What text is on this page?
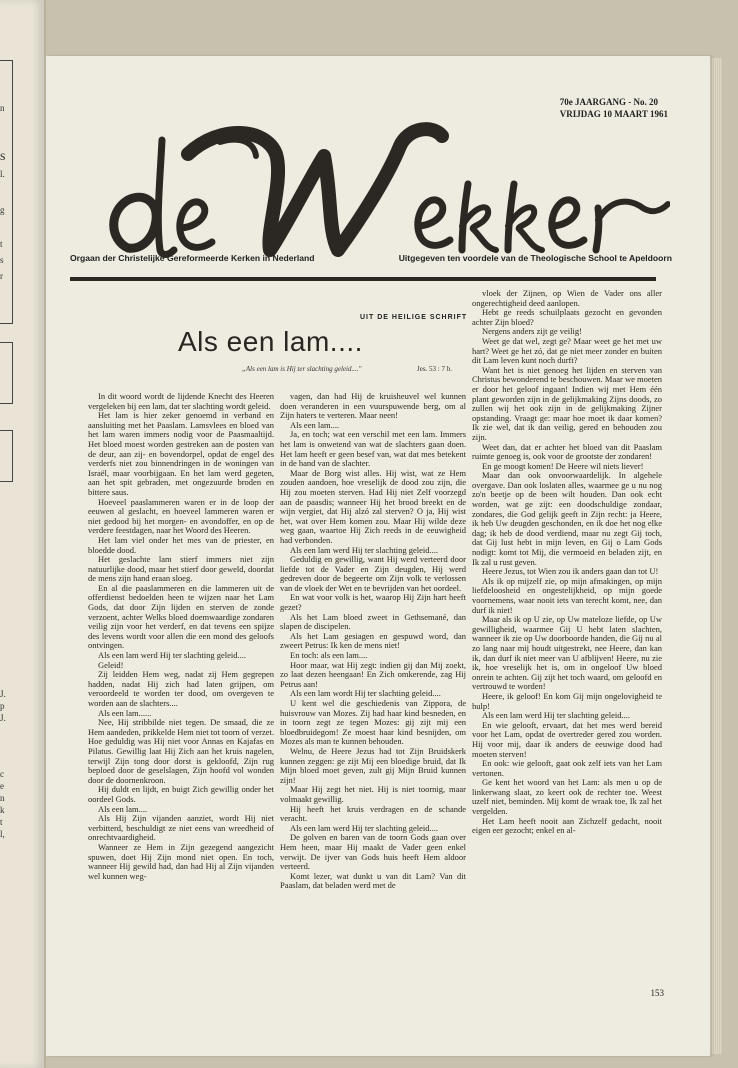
n
s
l.
g
t
s
r
J.
p
J.
c
e
n
k
t
l,
70e JAARGANG - No. 20
VRIJDAG 10 MAART 1961
Orgaan der Christelijke Gereformeerde Kerken in Nederland	Uitgegeven ten voordele van de Theologische School te Apeldoorn
UIT DE HEILIGE SCHRIFT
Als een lam....
„Als een lam is Hij ter slachting geleid...."	Jes. 53 : 7 b.

In dit woord wordt de lijdende Knecht des Heeren vergeleken bij een lam, dat ter slachting wordt geleid.

Het lam is hier zeker genoemd in verband en aansluiting met het Paaslam. Lamsvlees en bloed van het lam waren immers nodig voor de Paasmaaltijd. Het bloed moest worden gestreken aan de posten van de deur, aan zij- en bovendorpel, opdat de engel des verderfs niet zou binnendringen in de woningen van Israël, maar voorbijgaan. En het lam werd gegeten, aan het spit gebraden, met ongezuurde broden en bittere saus.

Hoeveel paaslammeren waren er in de loop der eeuwen al geslacht, en hoeveel lammeren waren er niet gedood bij het morgen- en avondoffer, en op de verdere feestdagen, naar het Woord des Heeren.

Het lam viel onder het mes van de priester, en bloedde dood.

Het geslachte lam stierf immers niet zijn natuurlijke dood, maar het stierf door geweld, doordat de mens zijn hand eraan sloeg.

En al die paaslammeren en die lammeren uit de offerdienst bedoelden heen te wijzen naar het Lam Gods, dat door Zijn lijden en sterven de zonde verzoent, achter Welks bloed doemwaardige zondaren veilig zijn voor het verderf, en dat tevens een spijze des levens wordt voor allen die een mond des geloofs ontvingen.

Als een lam werd Hij ter slachting geleid....

Geleid!

Zij leidden Hem weg, nadat zij Hem gegrepen hadden, nadat Hij zich had laten grijpen, om veroordeeld te worden ter dood, om overgeven te worden aan de slachters....

Als een lam......

Nee, Hij stribbilde niet tegen. De smaad, die ze Hem aandeden, prikkelde Hem niet tot toorn of verzet. Hoe geduldig was Hij niet voor Annas en Kajafas en Pilatus. Gewillig laat Hij Zich aan het kruis nagelen, terwijl Zijn tong door dorst is gekloofd, Zijn rug beploed door de geselslagen, Zijn hoofd vol wonden door de doornenkroon.

Hij duldt en lijdt, en buigt Zich gewillig onder het oordeel Gods.

Als een lam....

Als Hij Zijn vijanden aanziet, wordt Hij niet verbitterd, beschuldigt ze niet eens van wreedheid of onrechtvaardigheid.

Wanneer ze Hem in Zijn gezegend aangezicht spuwen, doet Hij Zijn mond niet open. En toch, wanneer Hij gewild had, dan had Hij al Zijn vijanden wel kunnen weg-

vagen, dan had Hij de kruisheuvel wel kunnen doen veranderen in een vuurspuwende berg, om al Zijn haters te verteren. Maar neen!

Als een lam....

Ja, en toch; wat een verschil met een lam. Immers het lam is onwetend van wat de slachters gaan doen. Het lam heeft er geen besef van, wat dat mes betekent in de hand van de slachter.

Maar de Borg wist alles. Hij wist, wat ze Hem zouden aandoen, hoe vreselijk de dood zou zijn, die Hij zou moeten sterven. Had Hij niet Zelf voorzegd aan de paasdis; wanneer Hij het brood breekt en de wijn vergiet, dat Hij alzó zal sterven? O ja, Hij wist het, wat over Hem komen zou. Maar Hij wilde deze weg gaan, waartoe Hij Zich reeds in de eeuwigheid had verbonden.

Als een lam werd Hij ter slachting geleid....

Geduldig en gewillig, want Hij werd verteerd door liefde tot de Vader en Zijn deugden, Hij werd gedreven door de begeerte om Zijn volk te verlossen van de vloek der Wet en te bevrijden van het oordeel.

En wat voor volk is het, waarop Hij Zijn hart heeft gezet?

Als het Lam bloed zweet in Gethsemané, dan slapen de discipelen.

Als het Lam gesiagen en gespuwd word, dan zweert Petrus: Ik ken de mens niet!

En toch: als een lam....

Hoor maar, wat Hij zegt: indien gij dan Mij zoekt, zo laat dezen heengaan! En Zich omkerende, zag Hij Petrus aan!

Als een lam wordt Hij ter slachting geleid....

U kent wel die geschiedenis van Zippora, de huisvrouw van Mozes. Zij had haar kind besneden, en in toorn zegt ze tegen Mozes: gij zijt mij een bloedbruidegom! Ze moest haar kind besnijden, om Mozes als man te kunnen behouden.

Welnu, de Heere Jezus had tot Zijn Bruidskerk kunnen zeggen: ge zijt Mij een bloedige bruid, dat Ik Mijn bloed moet geven, zult gij Mijn Bruid kunnen zijn!

Maar Hij zegt het niet. Hij is niet toornig, maar volmaakt gewillig.

Hij heeft het kruis verdragen en de schande veracht.

Als een lam werd Hij ter slachting geleid....

De golven en baren van de toorn Gods gaan over Hem heen, maar Hij maakt de Vader geen enkel verwijt. De ijver van Gods huis heeft Hem aldoor verteerd.

Komt lezer, wat dunkt u van dit Lam? Van dit Paaslam, dat beladen werd met de

vloek der Zijnen, op Wien de Vader ons aller ongerechtigheid deed aanlopen.

Hebt ge reeds schuilplaats gezocht en gevonden achter Zijn bloed?

Nergens anders zijt ge veilig!

Weet ge dat wel, zegt ge? Maar weet ge het met uw hart? Weet ge het zó, dat ge niet meer zonder en buiten dit Lam leven kunt noch durft?

Want het is niet genoeg het lijden en sterven van Christus bewonderend te beschouwen. Maar we moeten er door het geloof ingaan! Indien wij met Hem één plant geworden zijn in de gelijkmaking Zijns doods, zo zullen wij het ook zijn in de gelijkmaking Zijner opstanding. Vraagt ge: maar hoe moet ik daar komen? Ik zie wel, dat ik dan veilig, gered en behouden zou zijn.

Weet dan, dat er achter het bloed van dit Paaslam ruimte genoeg is, ook voor de grootste der zondaren!

En ge moogt komen! De Heere wil niets liever!

Maar dan ook onvoorwaardelijk. In algehele overgave. Dan ook loslaten alles, waarmee ge u nu nog zo'n beetje op de been wilt houden. Dan ook echt worden, wat ge zijt: een doodschuldige zondaar, zondares, die God gelijk geeft in Zijn recht: ja Heere, ik heb Uw deugden geschonden, en ik doe het nog elke dag; ik heb de dood verdiend, maar nu zegt Gij toch, dat Gij lust hebt in mijn leven, en Gij o Lam Gods nodigt: komt tot Mij, die vermoeid en beladen zijt, en Ik zal u rust geven.

Heere Jezus, tot Wien zou ik anders gaan dan tot U!

Als ik op mijzelf zie, op mijn afmakingen, op mijn liefdeloosheid en ongestelijkheid, op mijn goede voornemens, waar nooit iets van terecht komt, nee, dan durf ik niet!

Maar als ik op U zie, op Uw mateloze liefde, op Uw gewilligheid, waarmee Gij U hebt laten slachten, wanneer ik zie op Uw doorboorde handen, die Gij nu al zo lang naar mij houdt uitgestrekt, nee Heere, dan kan ik, dan durf ik niet meer van U afblijven! Heere, nu zie ik, hoe vreselijk het is, om in ongeloof Uw bloed onrein te achten. Gij zijt het toch waard, om geloofd en vertrouwd te worden!

Heere, ik geloof! En kom Gij mijn ongelovigheid te hulp!

Als een lam werd Hij ter slachting geleid....

En wie gelooft, ervaart, dat het mes werd bereid voor het Lam, opdat de overtreder gered zou worden. Hij voor mij, daar ik anders de eeuwige dood had moeten sterven!

En ook: wie gelooft, gaat ook zelf iets van het Lam vertonen.

Ge kent het woord van het Lam: als men u op de linkerwang slaat, zo keert ook de rechter toe. Weest uzelf niet, beminden. Mij komt de wraak toe, Ik zal het vergelden.

Het Lam heeft nooit aan Zichzelf gedacht, nooit eigen eer gezocht; enkel en al-

153
